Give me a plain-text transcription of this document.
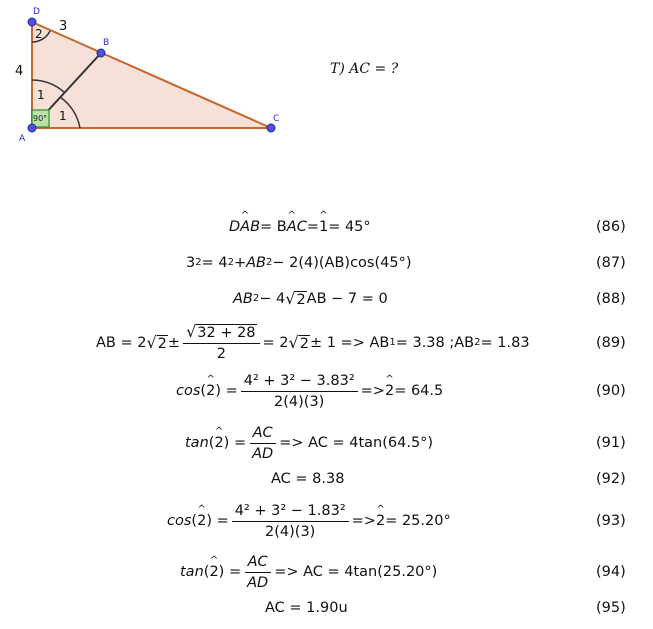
D
B
C
A
3
4
2
1
1
90°
T) AC = ?
D ^ A B = B ^ A C = ^ 1 = 45°	(86)
3 2 = 4 2 + AB 2 − 2(4)(AB)cos(45°)	(87)
AB 2 − 4 √ 2 AB − 7 = 0	(88)
AB = 2 √ $2 \pm \frac{√ 32 + 28}{2} = 2$ √ 2 ± 1 => AB 1 = 3.38 ;AB 2 = 1.83	(89)
cos ( ^ 2 ) = $\frac{\text{4² + 3² − 3.83²}}{2(4)(3)}$ => ^ 2 = 64.5	(90)
tan ( ^ 2 ) = $\frac{AC}{AD}$ => AC = 4tan(64.5°)	(91)
AC = 8.38	(92)
cos ( ^ 2 ) = $\frac{\text{4² + 3² − 1.83²}}{2(4)(3)}$ => ^ 2 = 25.20°	(93)
tan ( ^ 2 ) = $\frac{AC}{AD}$ => AC = 4tan(25.20°)	(94)
AC = 1.90u	(95)
